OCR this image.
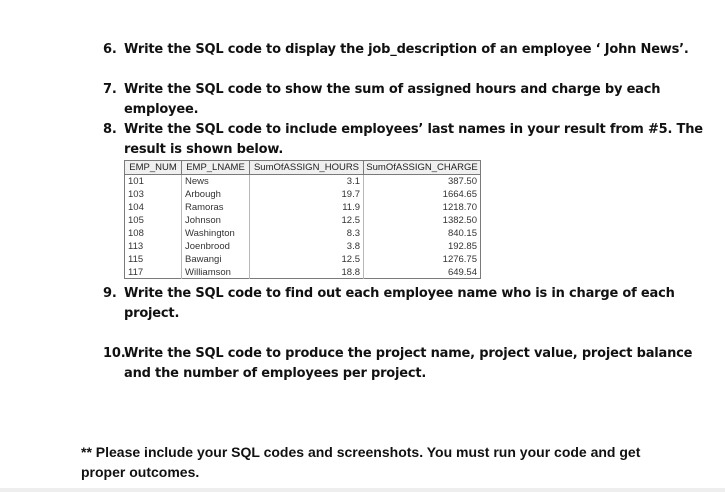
6. Write the SQL code to display the job_description of an employee ‘ John News’.
7. Write the SQL code to show the sum of assigned hours and charge by each employee.
8. Write the SQL code to include employees’ last names in your result from #5. The result is shown below.
EMP_NUM EMP_LNAME SumOfASSIGN_HOURS SumOfASSIGN_CHARGE
101	News	3.1	387.50
103	Arbough	19.7	1664.65
104	Ramoras	11.9	1218.70
105	Johnson	12.5	1382.50
108	Washington	8.3	840.15
113	Joenbrood	3.8	192.85
115	Bawangi	12.5	1276.75
117	Williamson	18.8	649.54
9. Write the SQL code to find out each employee name who is in charge of each project.
10.
Write the SQL code to produce the project name, project value, project balance and the number of employees per project.
** Please include your SQL codes and screenshots. You must run your code and get proper outcomes.
